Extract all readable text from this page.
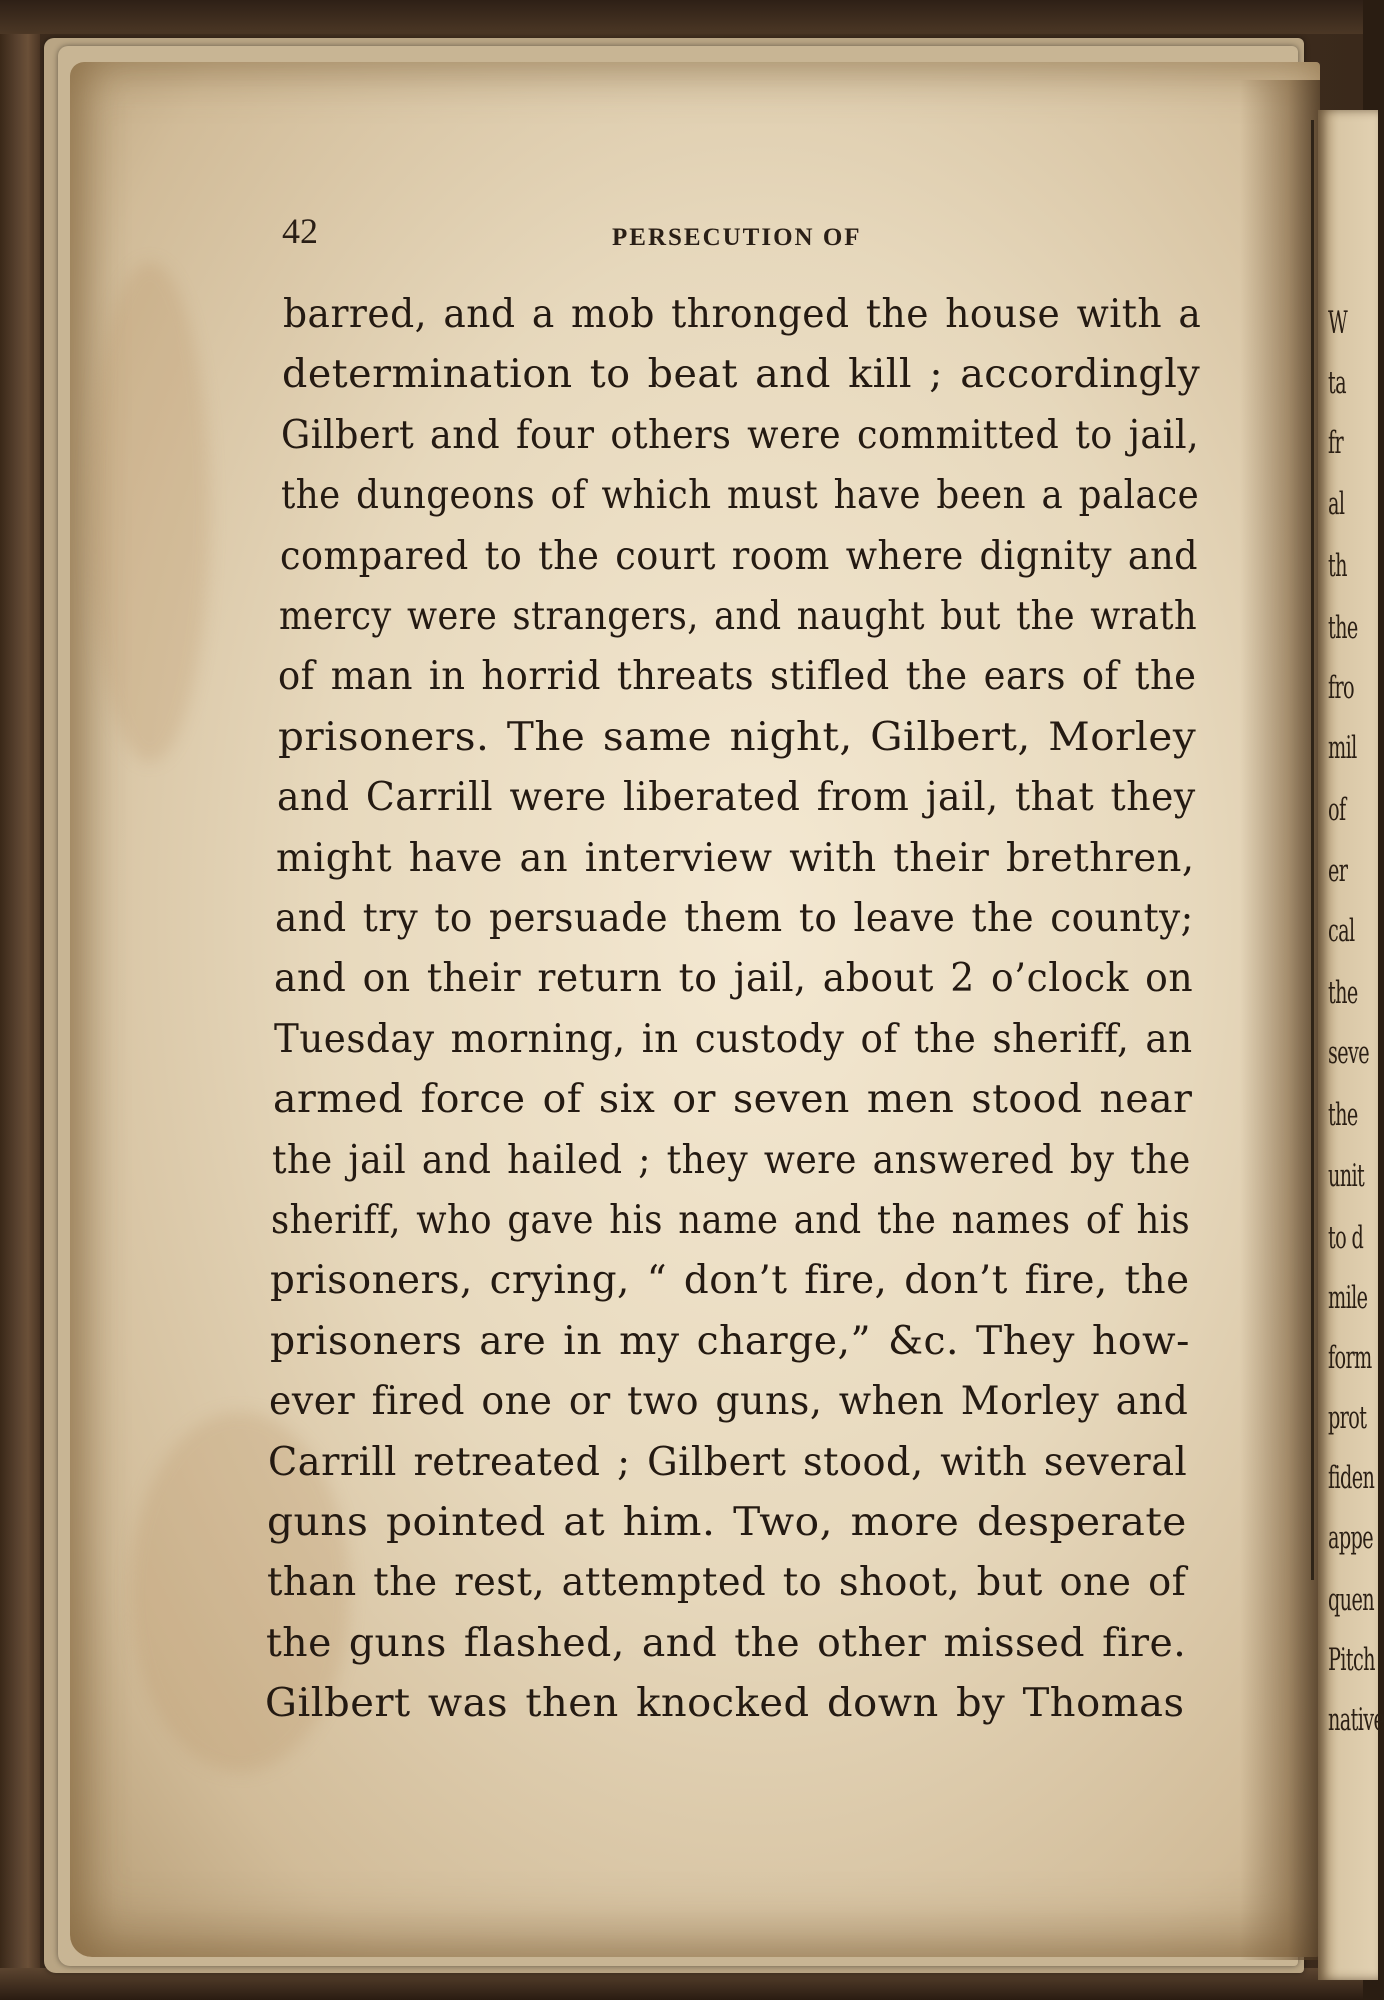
W
ta
fr
al
th
the
fro
mil
of
er
cal
the
seve
the
unit
to d
mile
form
prot
fiden
appe
quen
Pitch
native
42	PERSECUTION OF
barred, and a mob thronged the house with a
determination to beat and kill ; accordingly
Gilbert and four others were committed to jail,
the dungeons of which must have been a palace
compared to the court room where dignity and
mercy were strangers, and naught but the wrath
of man in horrid threats stifled the ears of the
prisoners. The same night, Gilbert, Morley
and Carrill were liberated from jail, that they
might have an interview with their brethren,
and try to persuade them to leave the county;
and on their return to jail, about 2 o’clock on
Tuesday morning, in custody of the sheriff, an
armed force of six or seven men stood near
the jail and hailed ; they were answered by the
sheriff, who gave his name and the names of his
prisoners, crying, “ don’t fire, don’t fire, the
prisoners are in my charge,” &c. They how-
ever fired one or two guns, when Morley and
Carrill retreated ; Gilbert stood, with several
guns pointed at him. Two, more desperate
than the rest, attempted to shoot, but one of
the guns flashed, and the other missed fire.
Gilbert was then knocked down by Thomas
